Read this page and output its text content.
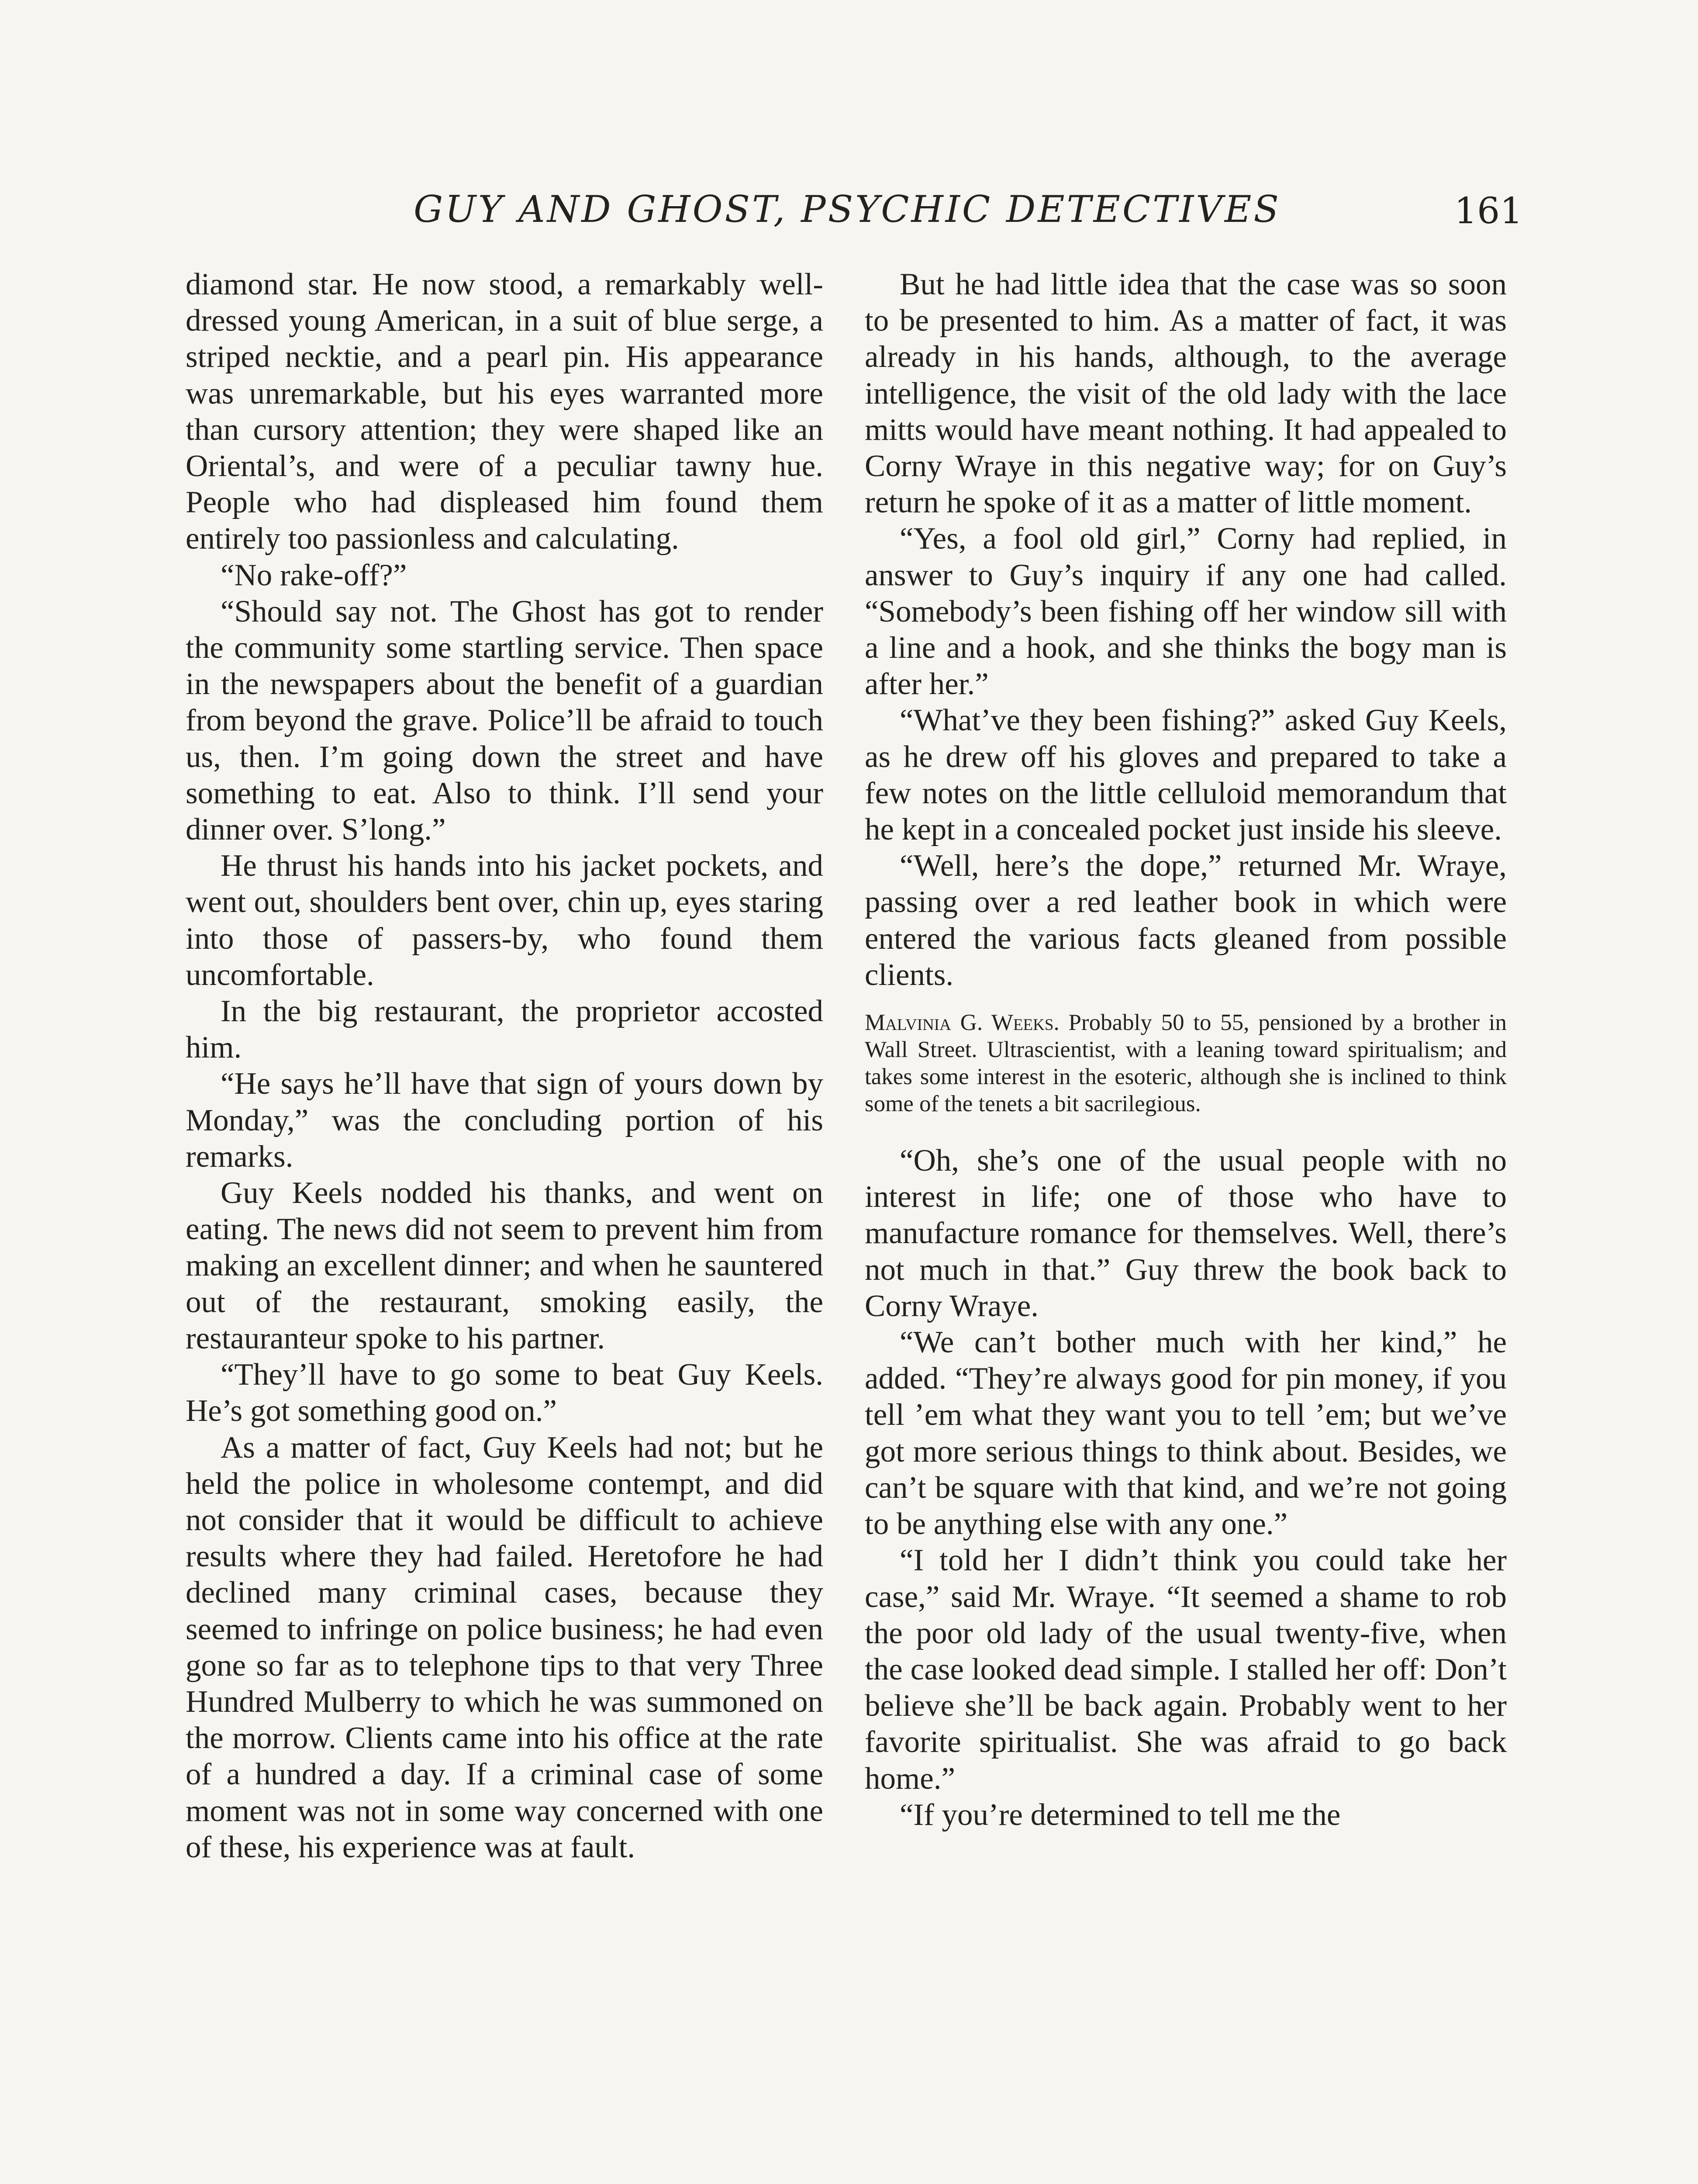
GUY AND GHOST, PSYCHIC DETECTIVES	161

diamond star. He now stood, a remarkably well-dressed young American, in a suit of blue serge, a striped necktie, and a pearl pin. His appearance was unremarkable, but his eyes warranted more than cursory attention; they were shaped like an Oriental’s, and were of a peculiar tawny hue. People who had displeased him found them entirely too passionless and calculating.

“No rake-off?”

“Should say not. The Ghost has got to render the community some startling service. Then space in the newspapers about the benefit of a guardian from beyond the grave. Police’ll be afraid to touch us, then. I’m going down the street and have something to eat. Also to think. I’ll send your dinner over. S’long.”

He thrust his hands into his jacket pockets, and went out, shoulders bent over, chin up, eyes staring into those of passers-by, who found them uncomfortable.

In the big restaurant, the proprietor accosted him.

“He says he’ll have that sign of yours down by Monday,” was the concluding portion of his remarks.

Guy Keels nodded his thanks, and went on eating. The news did not seem to prevent him from making an excellent dinner; and when he sauntered out of the restaurant, smoking easily, the restauranteur spoke to his partner.

“They’ll have to go some to beat Guy Keels. He’s got something good on.”

As a matter of fact, Guy Keels had not; but he held the police in wholesome contempt, and did not consider that it would be difficult to achieve results where they had failed. Heretofore he had declined many criminal cases, because they seemed to infringe on police business; he had even gone so far as to telephone tips to that very Three Hundred Mulberry to which he was summoned on the morrow. Clients came into his office at the rate of a hundred a day. If a criminal case of some moment was not in some way concerned with one of these, his experience was at fault.

But he had little idea that the case was so soon to be presented to him. As a matter of fact, it was already in his hands, although, to the average intelligence, the visit of the old lady with the lace mitts would have meant nothing. It had appealed to Corny Wraye in this negative way; for on Guy’s return he spoke of it as a matter of little moment.

“Yes, a fool old girl,” Corny had replied, in answer to Guy’s inquiry if any one had called. “Somebody’s been fishing off her window sill with a line and a hook, and she thinks the bogy man is after her.”

“What’ve they been fishing?” asked Guy Keels, as he drew off his gloves and prepared to take a few notes on the little celluloid memorandum that he kept in a concealed pocket just inside his sleeve.

“Well, here’s the dope,” returned Mr. Wraye, passing over a red leather book in which were entered the various facts gleaned from possible clients.

Malvinia G. Weeks. Probably 50 to 55, pensioned by a brother in Wall Street. Ultrascientist, with a leaning toward spiritualism; and takes some interest in the esoteric, although she is inclined to think some of the tenets a bit sacrilegious.

“Oh, she’s one of the usual people with no interest in life; one of those who have to manufacture romance for themselves. Well, there’s not much in that.” Guy threw the book back to Corny Wraye.

“We can’t bother much with her kind,” he added. “They’re always good for pin money, if you tell ’em what they want you to tell ’em; but we’ve got more serious things to think about. Besides, we can’t be square with that kind, and we’re not going to be anything else with any one.”

“I told her I didn’t think you could take her case,” said Mr. Wraye. “It seemed a shame to rob the poor old lady of the usual twenty-five, when the case looked dead simple. I stalled her off: Don’t believe she’ll be back again. Probably went to her favorite spiritualist. She was afraid to go back home.”

“If you’re determined to tell me the
